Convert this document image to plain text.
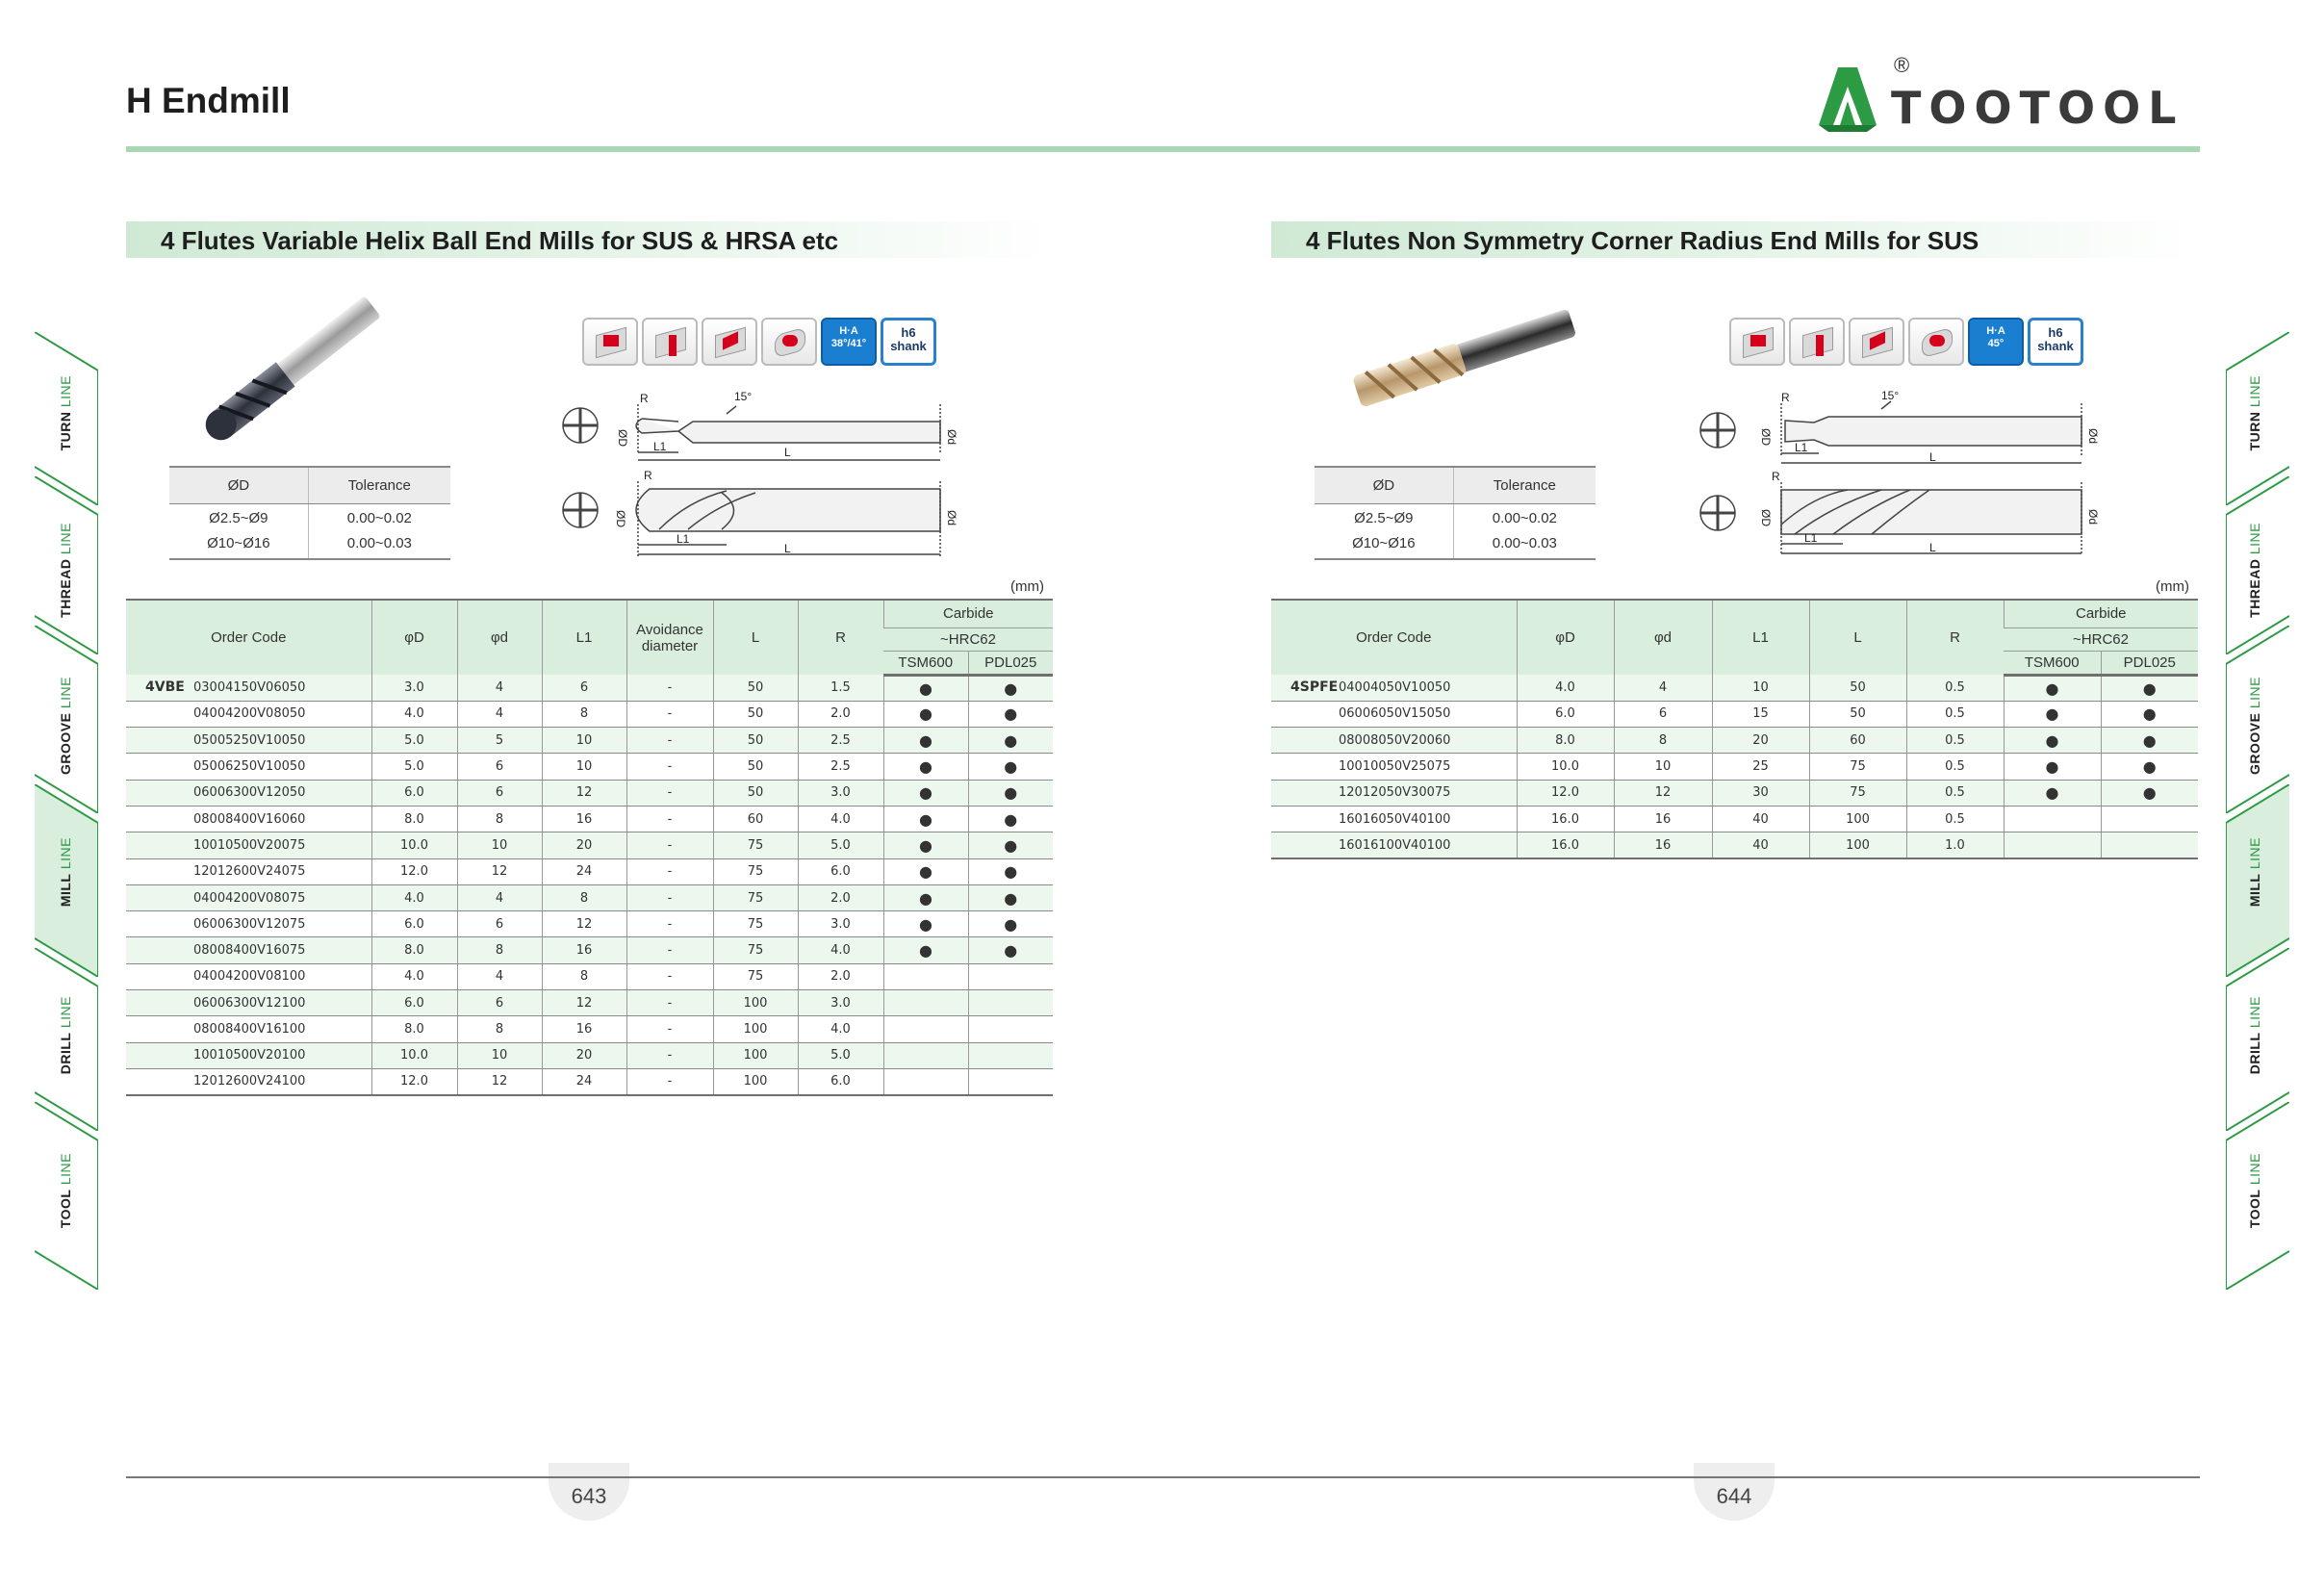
H Endmill
®
TOOTOOL
TURN LINE
THREAD LINE
GROOVE LINE
MILL LINE
DRILL LINE
TOOL LINE
TURN LINE
THREAD LINE
GROOVE LINE
MILL LINE
DRILL LINE
TOOL LINE
4 Flutes Variable Helix Ball End Mills for SUS & HRSA etc
H·A
38°/41°
h6
shank
R	15°
ØD	Ød
L1	L
R
ØD	Ød
L1
L
ØD	Tolerance
Ø2.5~Ø9	0.00~0.02
Ø10~Ø16	0.00~0.03
(mm)
Order Code	φD	φd	L1	Avoidance diameter	L	R	Carbide	
							~HRC62	
							TSM600	PDL025
4VBE 03004150V06050	3.0	4	6	-	50	1.5	●	●
04004200V08050	4.0	4	8	-	50	2.0	●	●
05005250V10050	5.0	5	10	-	50	2.5	●	●
05006250V10050	5.0	6	10	-	50	2.5	●	●
06006300V12050	6.0	6	12	-	50	3.0	●	●
08008400V16060	8.0	8	16	-	60	4.0	●	●
10010500V20075	10.0	10	20	-	75	5.0	●	●
12012600V24075	12.0	12	24	-	75	6.0	●	●
04004200V08075	4.0	4	8	-	75	2.0	●	●
06006300V12075	6.0	6	12	-	75	3.0	●	●
08008400V16075	8.0	8	16	-	75	4.0	●	●
04004200V08100	4.0	4	8	-	75	2.0		
06006300V12100	6.0	6	12	-	100	3.0		
08008400V16100	8.0	8	16	-	100	4.0		
10010500V20100	10.0	10	20	-	100	5.0		
12012600V24100	12.0	12	24	-	100	6.0		
643
4 Flutes Non Symmetry Corner Radius End Mills for SUS
H·A
45°
h6
shank
R	15°
ØD	Ød
L1
L
R
ØD	Ød
L1
L
ØD	Tolerance
Ø2.5~Ø9	0.00~0.02
Ø10~Ø16	0.00~0.03
(mm)
Order Code	φD	φd	L1	L	R	Carbide	
						~HRC62	
						TSM600	PDL025
4SPFE04004050V10050	4.0	4	10	50	0.5	●	●
06006050V15050	6.0	6	15	50	0.5	●	●
08008050V20060	8.0	8	20	60	0.5	●	●
10010050V25075	10.0	10	25	75	0.5	●	●
12012050V30075	12.0	12	30	75	0.5	●	●
16016050V40100	16.0	16	40	100	0.5		
16016100V40100	16.0	16	40	100	1.0		
644
